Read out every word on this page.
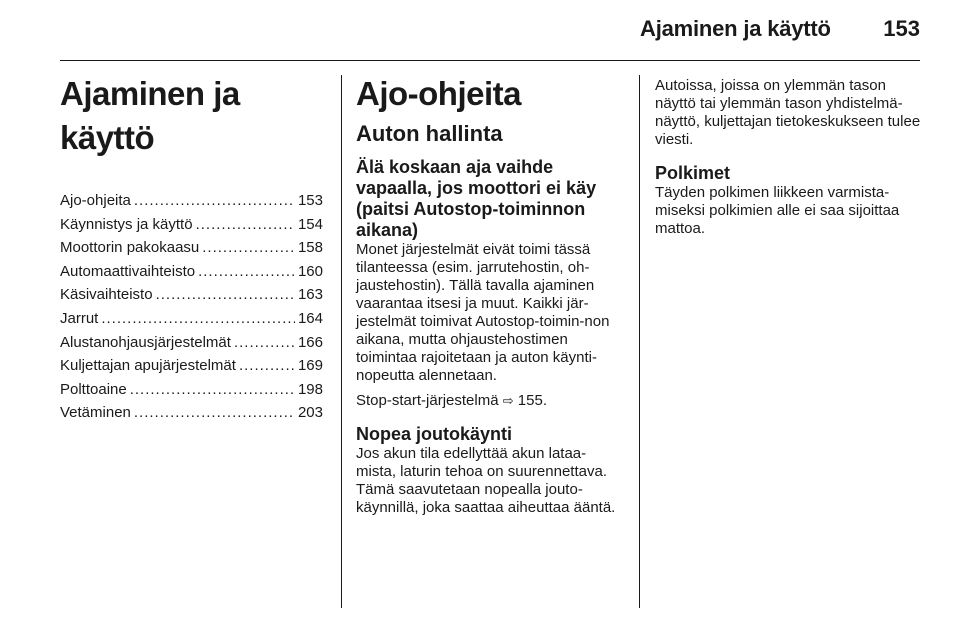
Ajaminen ja käyttö 153
Ajaminen ja käyttö
Ajo-ohjeita .....	153
Käynnistys ja käyttö .....	154
Moottorin pakokaasu .....	158
Automaattivaihteisto .....	160
Käsivaihteisto .....	163
Jarrut .....	164
Alustanohjausjärjestelmät .....	166
Kuljettajan apujärjestelmät .....	169
Polttoaine .....	198
Vetäminen .....	203
Ajo-ohjeita
Auton hallinta
Älä koskaan aja vaihde vapaalla, jos moottori ei käy (paitsi Autostop-toiminnon aikana)

Monet järjestelmät eivät toimi tässä tilanteessa (esim. jarrutehostin, oh-jaustehostin). Tällä tavalla ajaminen vaarantaa itsesi ja muut. Kaikki jär-jestelmät toimivat Autostop-toimin-non aikana, mutta ohjaustehostimen toimintaa rajoitetaan ja auton käynti-nopeutta alennetaan.

Stop-start-järjestelmä ⇨ 155.

Nopea joutokäynti

Jos akun tila edellyttää akun lataa-mista, laturin tehoa on suurennettava. Tämä saavutetaan nopealla jouto-käynnillä, joka saattaa aiheuttaa ääntä.

Autoissa, joissa on ylemmän tason näyttö tai ylemmän tason yhdistelmä-näyttö, kuljettajan tietokeskukseen tulee viesti.

Polkimet

Täyden polkimen liikkeen varmista-miseksi polkimien alle ei saa sijoittaa mattoa.
